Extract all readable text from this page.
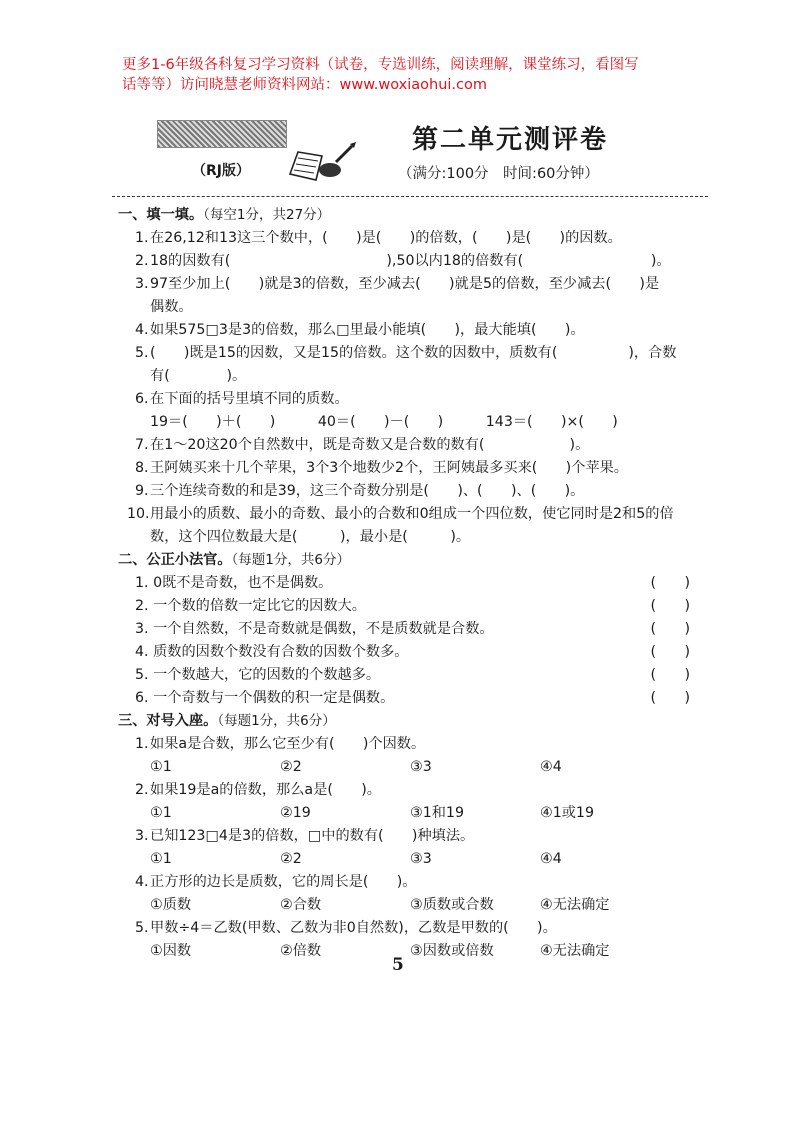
更多1-6年级各科复习学习资料（试卷，专选训练，阅读理解，课堂练习，看图写
话等等）访问晓慧老师资料网站：www.woxiaohui.com
（RJ版）
第二单元测评卷
（满分:100分　时间:60分钟）
一、填一填。（每空1分，共27分）
1. 在26,12和13这三个数中，(　　)是(　　)的倍数，(　　)是(　　)的因数。
2. 18的因数有(　　　　　　　　　　　),50以内18的倍数有(　　　　　　　　　)。
3. 97至少加上(　　)就是3的倍数，至少减去(　　)就是5的倍数，至少减去(　　)是
偶数。
4. 如果575□3是3的倍数，那么□里最小能填(　　)，最大能填(　　)。
5. (　　)既是15的因数，又是15的倍数。这个数的因数中，质数有(　　　　　)，合数
有(　　　　)。
6. 在下面的括号里填不同的质数。
19＝(　　)＋(　　)　　　40＝(　　)－(　　)　　　143＝(　　)×(　　)
7. 在1～20这20个自然数中，既是奇数又是合数的数有(　　　　　　)。
8. 王阿姨买来十几个苹果，3个3个地数少2个，王阿姨最多买来(　　)个苹果。
9. 三个连续奇数的和是39，这三个奇数分别是(　　)、(　　)、(　　)。
10. 用最小的质数、最小的奇数、最小的合数和0组成一个四位数，使它同时是2和5的倍
数，这个四位数最大是(　　　)，最小是(　　　)。
二、公正小法官。（每题1分，共6分）
1. 0既不是奇数，也不是偶数。	(　　)
2. 一个数的倍数一定比它的因数大。	(　　)
3. 一个自然数，不是奇数就是偶数，不是质数就是合数。	(　　)
4. 质数的因数个数没有合数的因数个数多。	(　　)
5. 一个数越大，它的因数的个数越多。	(　　)
6. 一个奇数与一个偶数的积一定是偶数。	(　　)
三、对号入座。（每题1分，共6分）
1. 如果a是合数，那么它至少有(　　)个因数。
①1	②2	③3	④4
2. 如果19是a的倍数，那么a是(　　)。
①1	②19	③1和19	④1或19
3. 已知123□4是3的倍数，□中的数有(　　)种填法。
①1	②2	③3	④4
4. 正方形的边长是质数，它的周长是(　　)。
①质数	②合数	③质数或合数	④无法确定
5. 甲数÷4＝乙数(甲数、乙数为非0自然数)，乙数是甲数的(　　)。
①因数	②倍数	③因数或倍数	④无法确定
5
